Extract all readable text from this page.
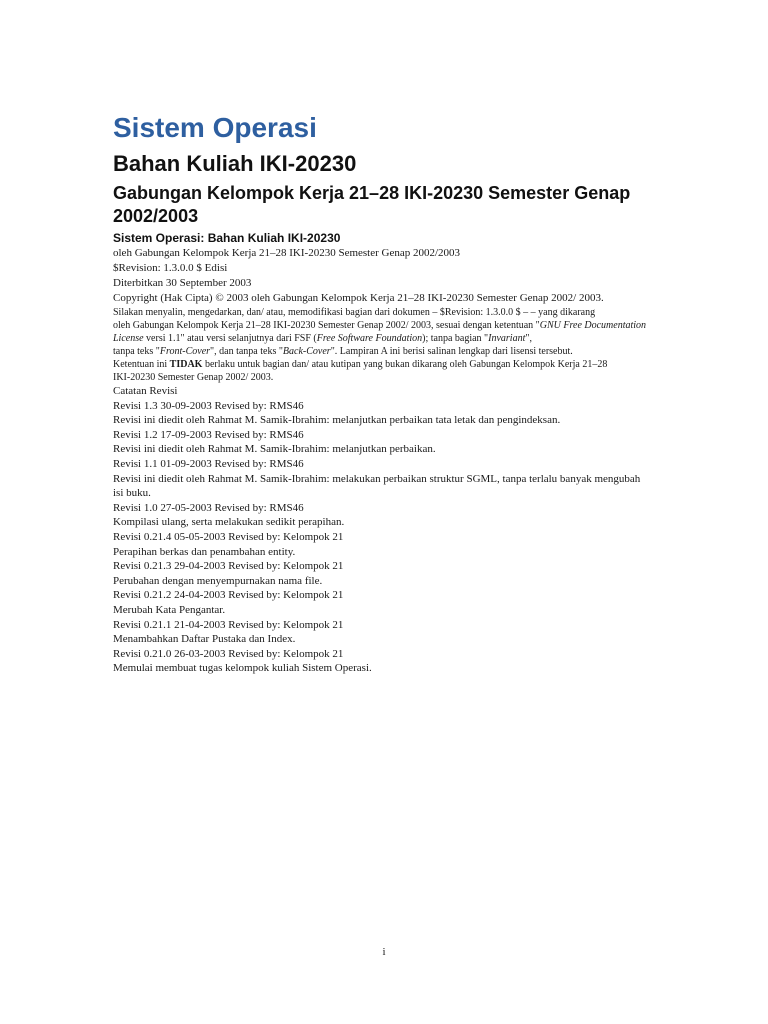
Sistem Operasi
Bahan Kuliah IKI-20230
Gabungan Kelompok Kerja 21–28 IKI-20230 Semester Genap 2002/2003
Sistem Operasi: Bahan Kuliah IKI-20230

oleh Gabungan Kelompok Kerja 21–28 IKI-20230 Semester Genap 2002/2003

$Revision: 1.3.0.0 $ Edisi

Diterbitkan 30 September 2003

Copyright (Hak Cipta) © 2003 oleh Gabungan Kelompok Kerja 21–28 IKI-20230 Semester Genap 2002/ 2003.

Silakan menyalin, mengedarkan, dan/ atau, memodifikasi bagian dari dokumen – $Revision: 1.3.0.0 $ – – yang dikarang

oleh Gabungan Kelompok Kerja 21–28 IKI-20230 Semester Genap 2002/ 2003, sesuai dengan ketentuan "GNU Free Documentation License versi 1.1" atau versi selanjutnya dari FSF (Free Software Foundation); tanpa bagian "Invariant",

tanpa teks "Front-Cover", dan tanpa teks "Back-Cover". Lampiran A ini berisi salinan lengkap dari lisensi tersebut.

Ketentuan ini TIDAK berlaku untuk bagian dan/ atau kutipan yang bukan dikarang oleh Gabungan Kelompok Kerja 21–28

IKI-20230 Semester Genap 2002/ 2003.

Catatan Revisi

Revisi 1.3 30-09-2003 Revised by: RMS46

Revisi ini diedit oleh Rahmat M. Samik-Ibrahim: melanjutkan perbaikan tata letak dan pengindeksan.

Revisi 1.2 17-09-2003 Revised by: RMS46

Revisi ini diedit oleh Rahmat M. Samik-Ibrahim: melanjutkan perbaikan.

Revisi 1.1 01-09-2003 Revised by: RMS46

Revisi ini diedit oleh Rahmat M. Samik-Ibrahim: melakukan perbaikan struktur SGML, tanpa terlalu banyak mengubah isi buku.

Revisi 1.0 27-05-2003 Revised by: RMS46

Kompilasi ulang, serta melakukan sedikit perapihan.

Revisi 0.21.4 05-05-2003 Revised by: Kelompok 21

Perapihan berkas dan penambahan entity.

Revisi 0.21.3 29-04-2003 Revised by: Kelompok 21

Perubahan dengan menyempurnakan nama file.

Revisi 0.21.2 24-04-2003 Revised by: Kelompok 21

Merubah Kata Pengantar.

Revisi 0.21.1 21-04-2003 Revised by: Kelompok 21

Menambahkan Daftar Pustaka dan Index.

Revisi 0.21.0 26-03-2003 Revised by: Kelompok 21

Memulai membuat tugas kelompok kuliah Sistem Operasi.

i
